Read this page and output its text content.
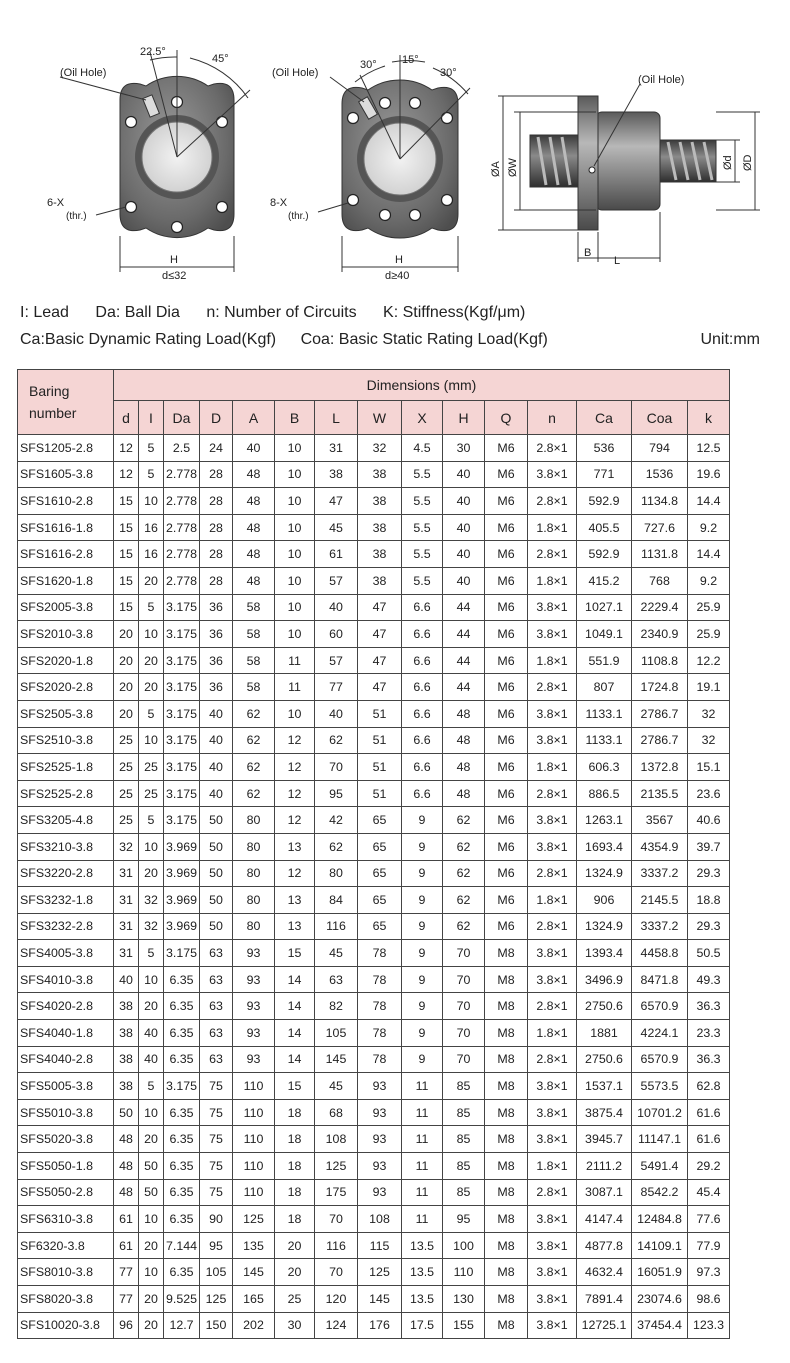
(Oil Hole)
22.5°
45°
6-X
(thr.)
H
d≤32
(Oil Hole)
30° 15°
30°
8-X
(thr.)
H
d≥40
(Oil Hole)
ØA ØW	Ød ØD
B
L
I: Lead Da: Ball Dia n: Number of Circuits K: Stiffness(Kgf/μm)
Ca:Basic Dynamic Rating Load(Kgf) Coa: Basic Static Rating Load(Kgf)	Unit:mm
Baring
number	Dimensions (mm)														
	d	I	Da	D	A	B	L	W	X	H	Q	n	Ca	Coa	k
SFS1205-2.8	12	5	2.5	24	40	10	31	32	4.5	30	M6	2.8×1	536	794	12.5
SFS1605-3.8	12	5	2.778	28	48	10	38	38	5.5	40	M6	3.8×1	771	1536	19.6
SFS1610-2.8	15	10	2.778	28	48	10	47	38	5.5	40	M6	2.8×1	592.9	1134.8	14.4
SFS1616-1.8	15	16	2.778	28	48	10	45	38	5.5	40	M6	1.8×1	405.5	727.6	9.2
SFS1616-2.8	15	16	2.778	28	48	10	61	38	5.5	40	M6	2.8×1	592.9	1131.8	14.4
SFS1620-1.8	15	20	2.778	28	48	10	57	38	5.5	40	M6	1.8×1	415.2	768	9.2
SFS2005-3.8	15	5	3.175	36	58	10	40	47	6.6	44	M6	3.8×1	1027.1	2229.4	25.9
SFS2010-3.8	20	10	3.175	36	58	10	60	47	6.6	44	M6	3.8×1	1049.1	2340.9	25.9
SFS2020-1.8	20	20	3.175	36	58	11	57	47	6.6	44	M6	1.8×1	551.9	1108.8	12.2
SFS2020-2.8	20	20	3.175	36	58	11	77	47	6.6	44	M6	2.8×1	807	1724.8	19.1
SFS2505-3.8	20	5	3.175	40	62	10	40	51	6.6	48	M6	3.8×1	1133.1	2786.7	32
SFS2510-3.8	25	10	3.175	40	62	12	62	51	6.6	48	M6	3.8×1	1133.1	2786.7	32
SFS2525-1.8	25	25	3.175	40	62	12	70	51	6.6	48	M6	1.8×1	606.3	1372.8	15.1
SFS2525-2.8	25	25	3.175	40	62	12	95	51	6.6	48	M6	2.8×1	886.5	2135.5	23.6
SFS3205-4.8	25	5	3.175	50	80	12	42	65	9	62	M6	3.8×1	1263.1	3567	40.6
SFS3210-3.8	32	10	3.969	50	80	13	62	65	9	62	M6	3.8×1	1693.4	4354.9	39.7
SFS3220-2.8	31	20	3.969	50	80	12	80	65	9	62	M6	2.8×1	1324.9	3337.2	29.3
SFS3232-1.8	31	32	3.969	50	80	13	84	65	9	62	M6	1.8×1	906	2145.5	18.8
SFS3232-2.8	31	32	3.969	50	80	13	116	65	9	62	M6	2.8×1	1324.9	3337.2	29.3
SFS4005-3.8	31	5	3.175	63	93	15	45	78	9	70	M8	3.8×1	1393.4	4458.8	50.5
SFS4010-3.8	40	10	6.35	63	93	14	63	78	9	70	M8	3.8×1	3496.9	8471.8	49.3
SFS4020-2.8	38	20	6.35	63	93	14	82	78	9	70	M8	2.8×1	2750.6	6570.9	36.3
SFS4040-1.8	38	40	6.35	63	93	14	105	78	9	70	M8	1.8×1	1881	4224.1	23.3
SFS4040-2.8	38	40	6.35	63	93	14	145	78	9	70	M8	2.8×1	2750.6	6570.9	36.3
SFS5005-3.8	38	5	3.175	75	110	15	45	93	11	85	M8	3.8×1	1537.1	5573.5	62.8
SFS5010-3.8	50	10	6.35	75	110	18	68	93	11	85	M8	3.8×1	3875.4	10701.2	61.6
SFS5020-3.8	48	20	6.35	75	110	18	108	93	11	85	M8	3.8×1	3945.7	11147.1	61.6
SFS5050-1.8	48	50	6.35	75	110	18	125	93	11	85	M8	1.8×1	2111.2	5491.4	29.2
SFS5050-2.8	48	50	6.35	75	110	18	175	93	11	85	M8	2.8×1	3087.1	8542.2	45.4
SFS6310-3.8	61	10	6.35	90	125	18	70	108	11	95	M8	3.8×1	4147.4	12484.8	77.6
SF6320-3.8	61	20	7.144	95	135	20	116	115	13.5	100	M8	3.8×1	4877.8	14109.1	77.9
SFS8010-3.8	77	10	6.35	105	145	20	70	125	13.5	110	M8	3.8×1	4632.4	16051.9	97.3
SFS8020-3.8	77	20	9.525	125	165	25	120	145	13.5	130	M8	3.8×1	7891.4	23074.6	98.6
SFS10020-3.8	96	20	12.7	150	202	30	124	176	17.5	155	M8	3.8×1	12725.1	37454.4	123.3
